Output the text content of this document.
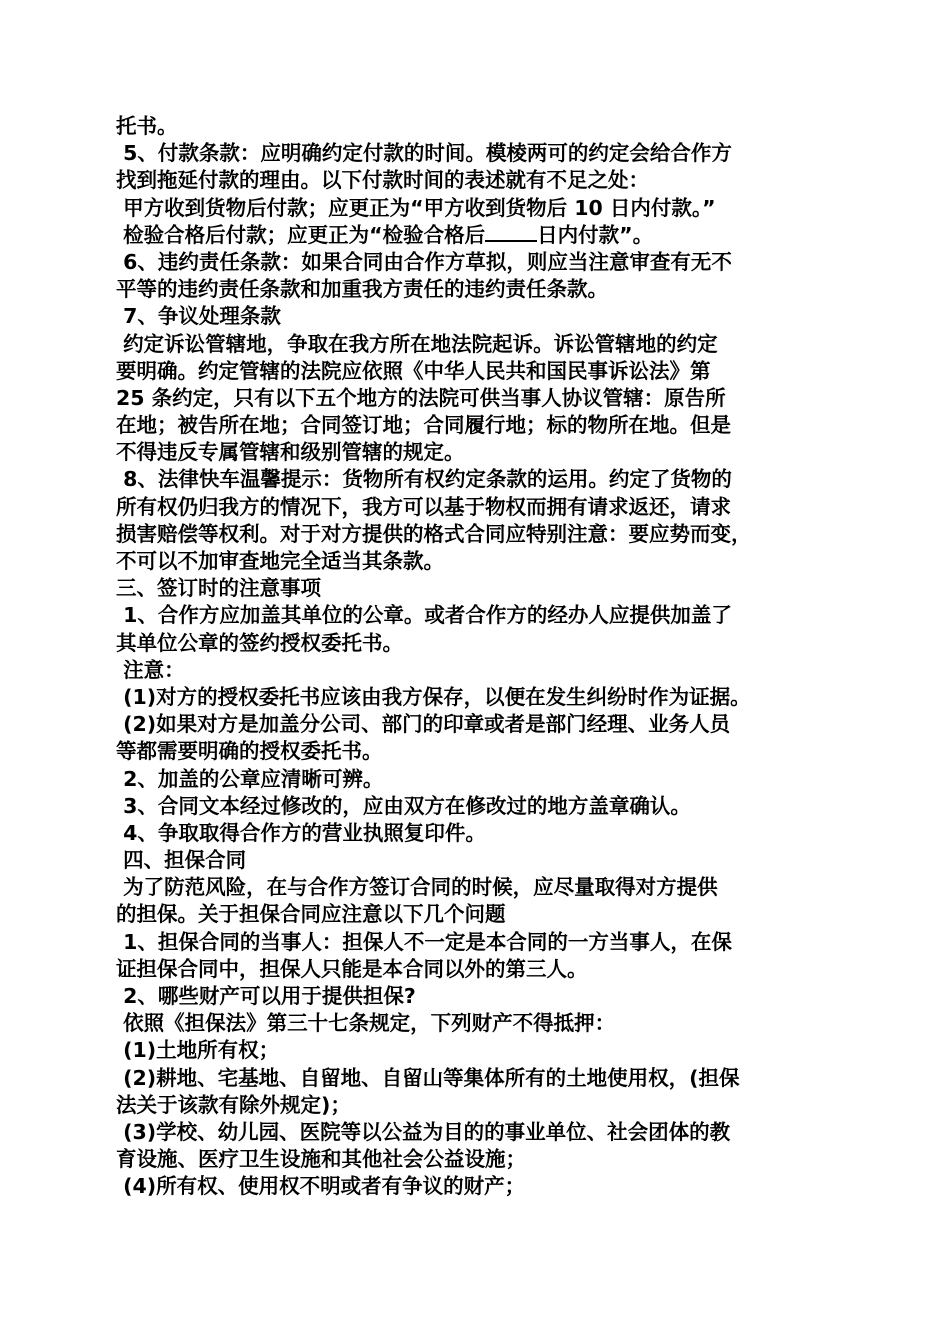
托书。

5、付款条款：应明确约定付款的时间。模棱两可的约定会给合作方

找到拖延付款的理由。以下付款时间的表述就有不足之处：

甲方收到货物后付款；应更正为“甲方收到货物后 10 日内付款。”

检验合格后付款；应更正为“检验合格后	日内付款”。

6、违约责任条款：如果合同由合作方草拟，则应当注意审查有无不

平等的违约责任条款和加重我方责任的违约责任条款。

7、争议处理条款

约定诉讼管辖地，争取在我方所在地法院起诉。诉讼管辖地的约定

要明确。约定管辖的法院应依照《中华人民共和国民事诉讼法》第

25 条约定，只有以下五个地方的法院可供当事人协议管辖：原告所

在地；被告所在地；合同签订地；合同履行地；标的物所在地。但是

不得违反专属管辖和级别管辖的规定。

8、法律快车温馨提示：货物所有权约定条款的运用。约定了货物的

所有权仍归我方的情况下，我方可以基于物权而拥有请求返还，请求

损害赔偿等权利。对于对方提供的格式合同应特别注意：要应势而变，

不可以不加审查地完全适当其条款。

三、签订时的注意事项

1、合作方应加盖其单位的公章。或者合作方的经办人应提供加盖了

其单位公章的签约授权委托书。

注意：

(1)对方的授权委托书应该由我方保存，以便在发生纠纷时作为证据。

(2)如果对方是加盖分公司、部门的印章或者是部门经理、业务人员

等都需要明确的授权委托书。

2、加盖的公章应清晰可辨。

3、合同文本经过修改的，应由双方在修改过的地方盖章确认。

4、争取取得合作方的营业执照复印件。

四、担保合同

为了防范风险，在与合作方签订合同的时候，应尽量取得对方提供

的担保。关于担保合同应注意以下几个问题

1、担保合同的当事人：担保人不一定是本合同的一方当事人，在保

证担保合同中，担保人只能是本合同以外的第三人。

2、哪些财产可以用于提供担保?

依照《担保法》第三十七条规定，下列财产不得抵押：

(1)土地所有权；

(2)耕地、宅基地、自留地、自留山等集体所有的土地使用权，(担保

法关于该款有除外规定)；

(3)学校、幼儿园、医院等以公益为目的的事业单位、社会团体的教

育设施、医疗卫生设施和其他社会公益设施；

(4)所有权、使用权不明或者有争议的财产；
